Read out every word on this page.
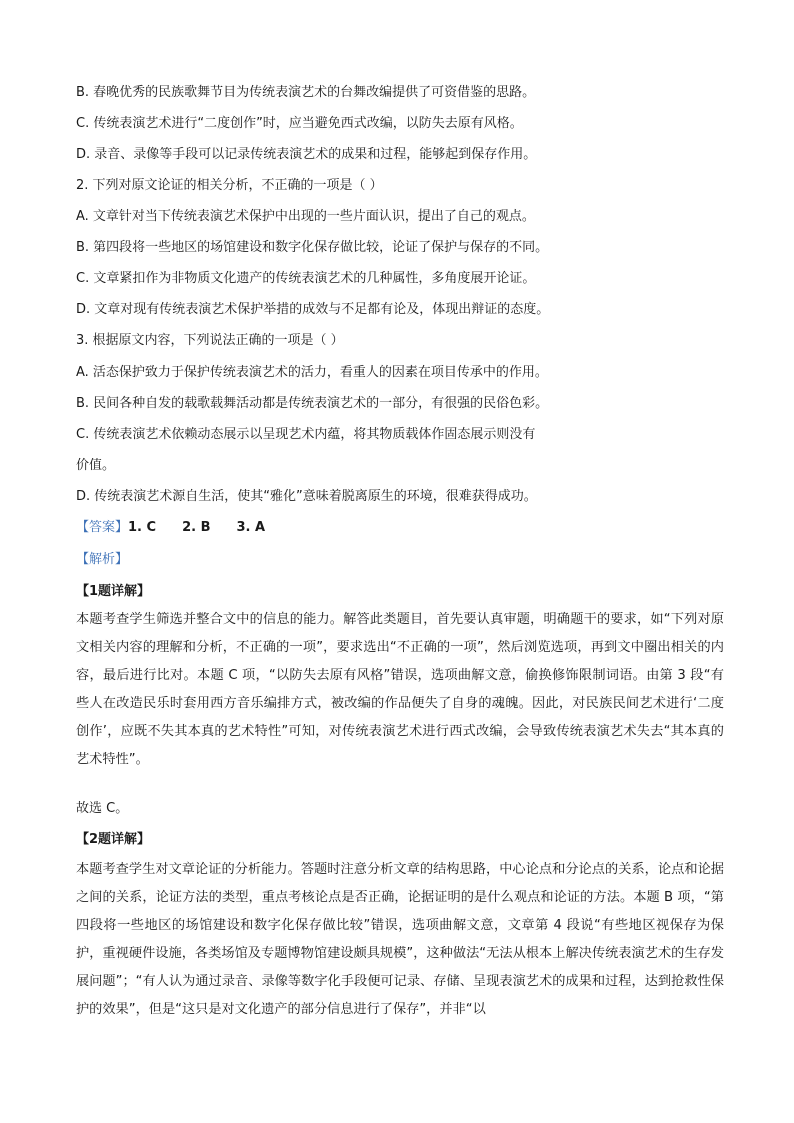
B. 春晚优秀的民族歌舞节目为传统表演艺术的台舞改编提供了可资借鉴的思路。
C. 传统表演艺术进行“二度创作”时，应当避免西式改编，以防失去原有风格。
D. 录音、录像等手段可以记录传统表演艺术的成果和过程，能够起到保存作用。
2. 下列对原文论证的相关分析，不正确的一项是（ ）
A. 文章针对当下传统表演艺术保护中出现的一些片面认识，提出了自己的观点。
B. 第四段将一些地区的场馆建设和数字化保存做比较，论证了保护与保存的不同。
C. 文章紧扣作为非物质文化遗产的传统表演艺术的几种属性，多角度展开论证。
D. 文章对现有传统表演艺术保护举措的成效与不足都有论及，体现出辩证的态度。
3. 根据原文内容，下列说法正确的一项是（ ）
A. 活态保护致力于保护传统表演艺术的活力，看重人的因素在项目传承中的作用。
B. 民间各种自发的载歌载舞活动都是传统表演艺术的一部分，有很强的民俗色彩。
C. 传统表演艺术依赖动态展示以呈现艺术内蕴，将其物质载体作固态展示则没有
价值。
D. 传统表演艺术源自生活，使其“雅化”意味着脱离原生的环境，很难获得成功。
【答案】1. C 2. B 3. A
【解析】
【1题详解】
本题考查学生筛选并整合文中的信息的能力。解答此类题目，首先要认真审题，明确题干的要求，如“下列对原文相关内容的理解和分析，不正确的一项”，要求选出“不正确的一项”，然后浏览选项，再到文中圈出相关的内容，最后进行比对。本题 C 项，“以防失去原有风格”错误，选项曲解文意，偷换修饰限制词语。由第 3 段“有些人在改造民乐时套用西方音乐编排方式，被改编的作品便失了自身的魂魄。因此，对民族民间艺术进行‘二度创作’，应既不失其本真的艺术特性”可知，对传统表演艺术进行西式改编，会导致传统表演艺术失去“其本真的艺术特性”。
故选 C。
【2题详解】
本题考查学生对文章论证的分析能力。答题时注意分析文章的结构思路，中心论点和分论点的关系，论点和论据之间的关系，论证方法的类型，重点考核论点是否正确，论据证明的是什么观点和论证的方法。本题 B 项，“第四段将一些地区的场馆建设和数字化保存做比较”错误，选项曲解文意，文章第 4 段说“有些地区视保存为保护，重视硬件设施，各类场馆及专题博物馆建设颇具规模”，这种做法“无法从根本上解决传统表演艺术的生存发展问题”；“有人认为通过录音、录像等数字化手段便可记录、存储、呈现表演艺术的成果和过程，达到抢救性保护的效果”，但是“这只是对文化遗产的部分信息进行了保存”，并非“以
